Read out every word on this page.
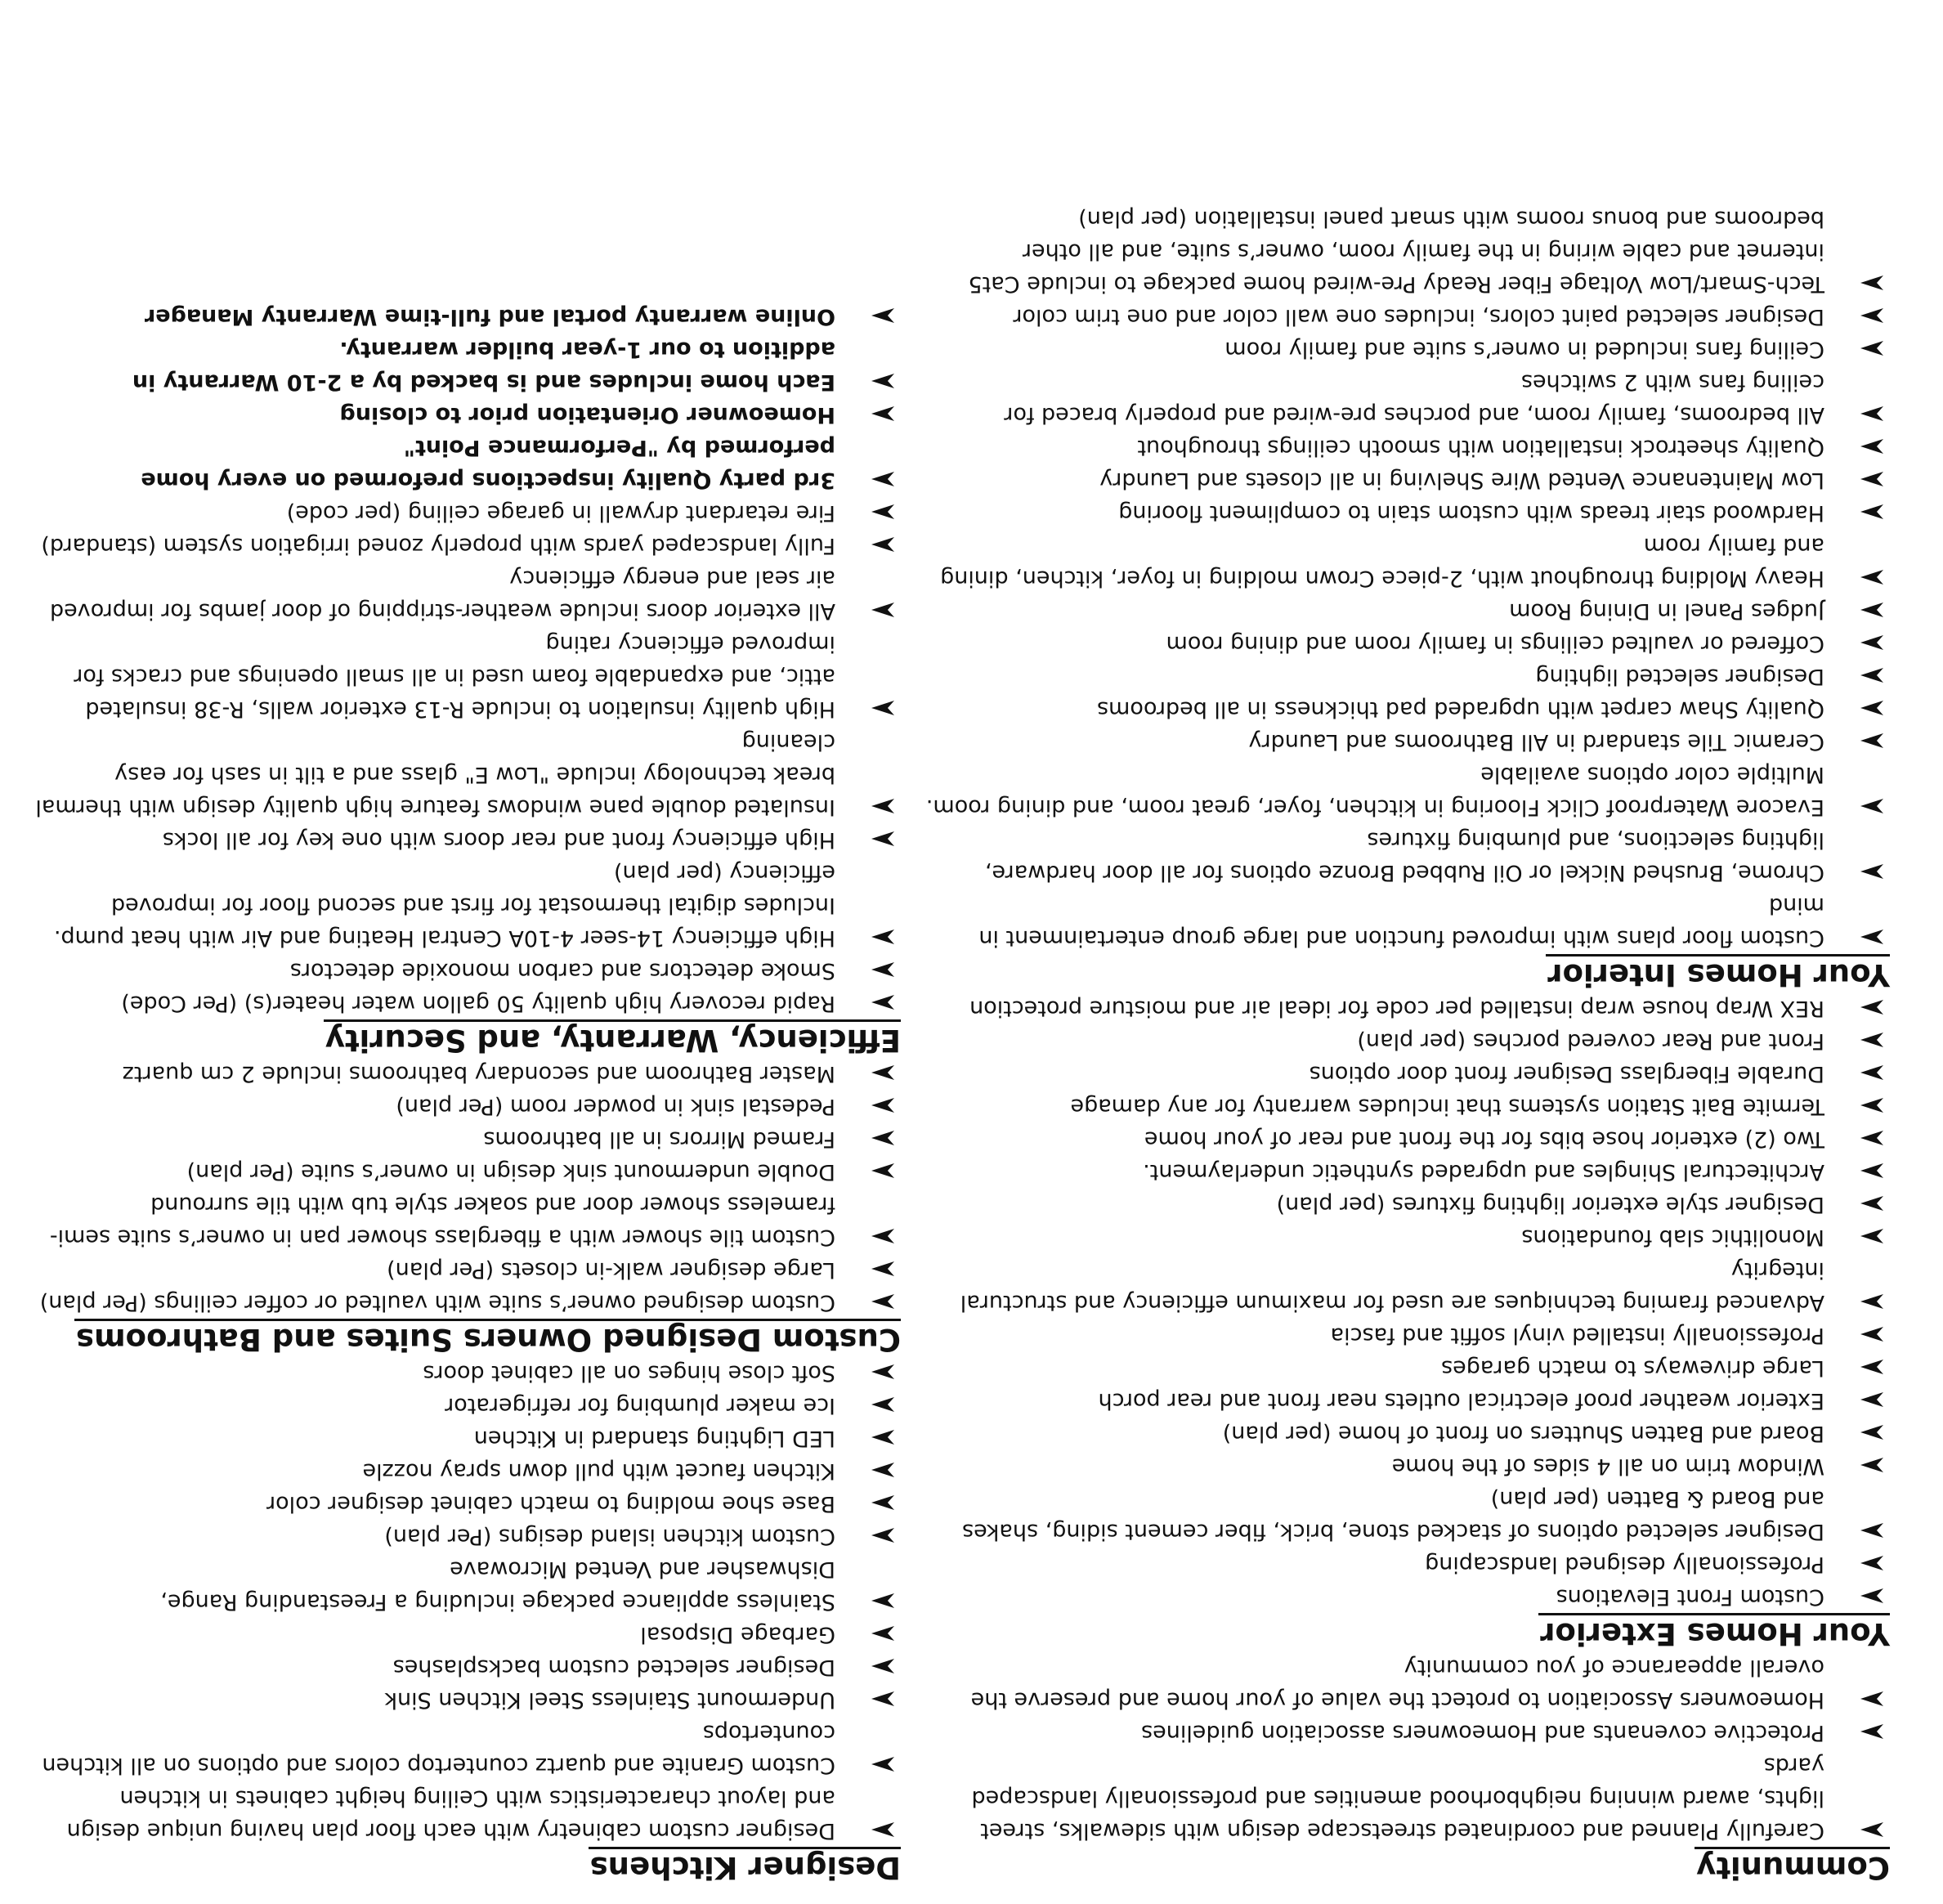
Community
Carefully Planned and coordinated streetscape design with sidewalks, street lights, award winning neighborhood amenities and professionally landscaped yards
Protective covenants and Homeowners association guidelines
Homeowners Association to protect the value of your home and preserve the overall appearance of you community
Your Homes Exterior
Custom Front Elevations
Professionally designed landscaping
Designer selected options of stacked stone, brick, fiber cement siding, shakes and Board & Batten (per plan)
Window trim on all 4 sides of the home
Board and Batten Shutters on front of home (per plan)
Exterior weather proof electrical outlets near front and rear porch
Large driveways to match garages
Professionally installed vinyl soffit and fascia
Advanced framing techniques are used for maximum efficiency and structural integrity
Monolithic slab foundations
Designer style exterior lighting fixtures (per plan)
Architectural Shingles and upgraded synthetic underlayment.
Two (2) exterior hose bibs for the front and rear of your home
Termite Bait Station systems that includes warranty for any damage
Durable Fiberglass Designer front door options
Front and Rear covered porches (per plan)
REX Wrap house wrap installed per code for ideal air and moisture protection
Your Homes Interior
Custom floor plans with improved function and large group entertainment in mind
Chrome, Brushed Nickel or Oil Rubbed Bronze options for all door hardware, lighting selections, and plumbing fixtures
Evacore Waterproof Click Flooring in kitchen, foyer, great room, and dining room. Multiple color options available
Ceramic Tile standard in All Bathrooms and Laundry
Quality Shaw carpet with upgraded pad thickness in all bedrooms
Designer selected lighting
Coffered or vaulted ceilings in family room and dining room
Judges Panel in Dining Room
Heavy Molding throughout with, 2-piece Crown molding in foyer, kitchen, dining and family room
Hardwood stair treads with custom stain to compliment flooring
Low Maintenance Vented Wire Shelving in all closets and Laundry
Quality sheetrock installation with smooth ceilings throughout
All bedrooms, family room, and porches pre-wired and properly braced for ceiling fans with 2 switches
Ceiling fans included in owner’s suite and family room
Designer selected paint colors, includes one wall color and one trim color
Tech-Smart/Low Voltage Fiber Ready Pre-wired home package to include Cat5 internet and cable wiring in the family room, owner’s suite, and all other bedrooms and bonus rooms with smart panel installation (per plan)
Designer Kitchens
Designer custom cabinetry with each floor plan having unique design and layout characteristics with Ceiling height cabinets in kitchen
Custom Granite and quartz countertop colors and options on all kitchen countertops
Undermount Stainless Steel Kitchen Sink
Designer selected custom backsplashes
Garbage Disposal
Stainless appliance package including a Freestanding Range, Dishwasher and Vented Microwave
Custom kitchen island designs (Per plan)
Base shoe molding to match cabinet designer color
Kitchen faucet with pull down spray nozzle
LED Lighting standard in Kitchen
Ice maker plumbing for refrigerator
Soft close hinges on all cabinet doors
Custom Designed Owners Suites and Bathrooms
Custom designed owner’s suite with vaulted or coffer ceilings (Per plan)
Large designer walk-in closets (Per plan)
Custom tile shower with a fiberglass shower pan in owner’s suite semi-frameless shower door and soaker style tub with tile surround
Double undermount sink design in owner’s suite (Per plan)
Framed Mirrors in all bathrooms
Pedestal sink in powder room (Per plan)
Master Bathroom and secondary bathrooms include 2 cm quartz
Efficiency, Warranty, and Security
Rapid recovery high quality 50 gallon water heater(s) (Per Code)
Smoke detectors and carbon monoxide detectors
High efficiency 14-seer 4-10A Central Heating and Air with heat pump. Includes digital thermostat for first and second floor for improved efficiency (per plan)
High efficiency front and rear doors with one key for all locks
Insulated double pane windows feature high quality design with thermal break technology include "Low E" glass and a tilt in sash for easy cleaning
High quality insulation to include R-13 exterior walls, R-38 insulated attic, and expandable foam used in all small openings and cracks for improved efficiency rating
All exterior doors include weather-stripping of door jambs for improved air seal and energy efficiency
Fully landscaped yards with properly zoned irrigation system (standard)
Fire retardant drywall in garage ceiling (per code)
3rd party Quality inspections preformed on every home performed by "Performance Point"
Homeowner Orientation prior to closing
Each home includes and is backed by a 2-10 Warranty in addition to our 1-year builder warranty.
Online warranty portal and full-time Warranty Manager
